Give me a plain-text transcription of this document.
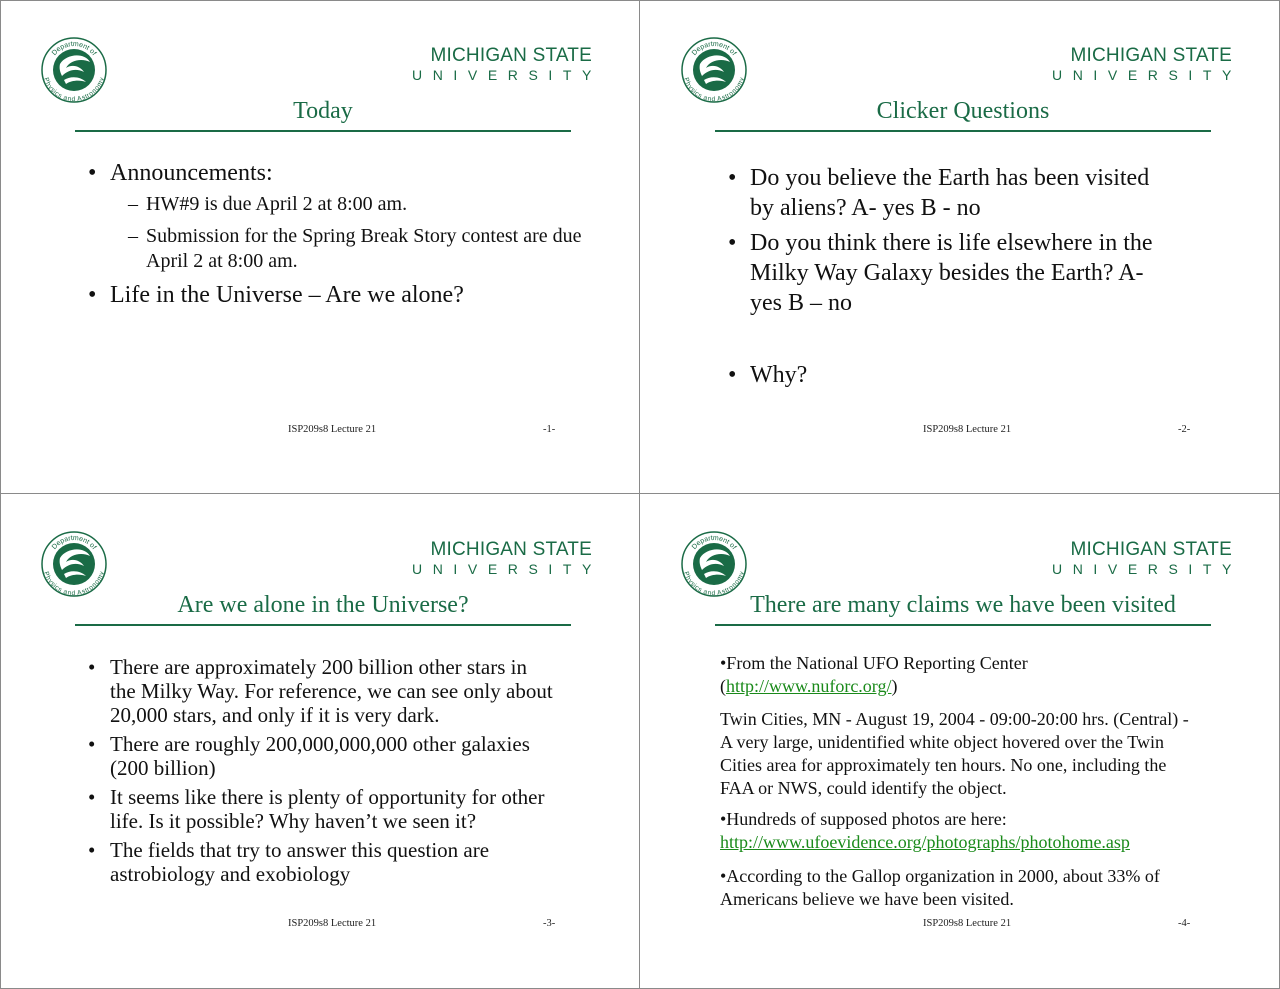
Department of
Physics and Astronomy
MICHIGAN STATE
UNIVERSITY
Today
• Announcements:
– HW#9 is due April 2 at 8:00 am.
– Submission for the Spring Break Story contest are due April 2 at 8:00 am.
• Life in the Universe – Are we alone?
ISP209s8 Lecture 21	-1-
Department of
Physics and Astronomy
MICHIGAN STATE
UNIVERSITY
Clicker Questions
• Do you believe the Earth has been visited by aliens? A- yes B - no
• Do you think there is life elsewhere in the Milky Way Galaxy besides the Earth? A- yes B – no
• Why?
ISP209s8 Lecture 21	-2-
Department of
Physics and Astronomy
MICHIGAN STATE
UNIVERSITY
Are we alone in the Universe?
• There are approximately 200 billion other stars in the Milky Way. For reference, we can see only about 20,000 stars, and only if it is very dark.
• There are roughly 200,000,000,000 other galaxies (200 billion)
• It seems like there is plenty of opportunity for other life. Is it possible? Why haven’t we seen it?
• The fields that try to answer this question are astrobiology and exobiology
ISP209s8 Lecture 21	-3-
Department of
Physics and Astronomy
MICHIGAN STATE
UNIVERSITY
There are many claims we have been visited
ISP209s8 Lecture 21	-4-
•From the National UFO Reporting Center
(http://www.nuforc.org/)
Twin Cities, MN - August 19, 2004 - 09:00-20:00 hrs. (Central) - A very large, unidentified white object hovered over the Twin Cities area for approximately ten hours. No one, including the FAA or NWS, could identify the object.
•Hundreds of supposed photos are here:
http://www.ufoevidence.org/photographs/photohome.asp
•According to the Gallop organization in 2000, about 33% of Americans believe we have been visited.
